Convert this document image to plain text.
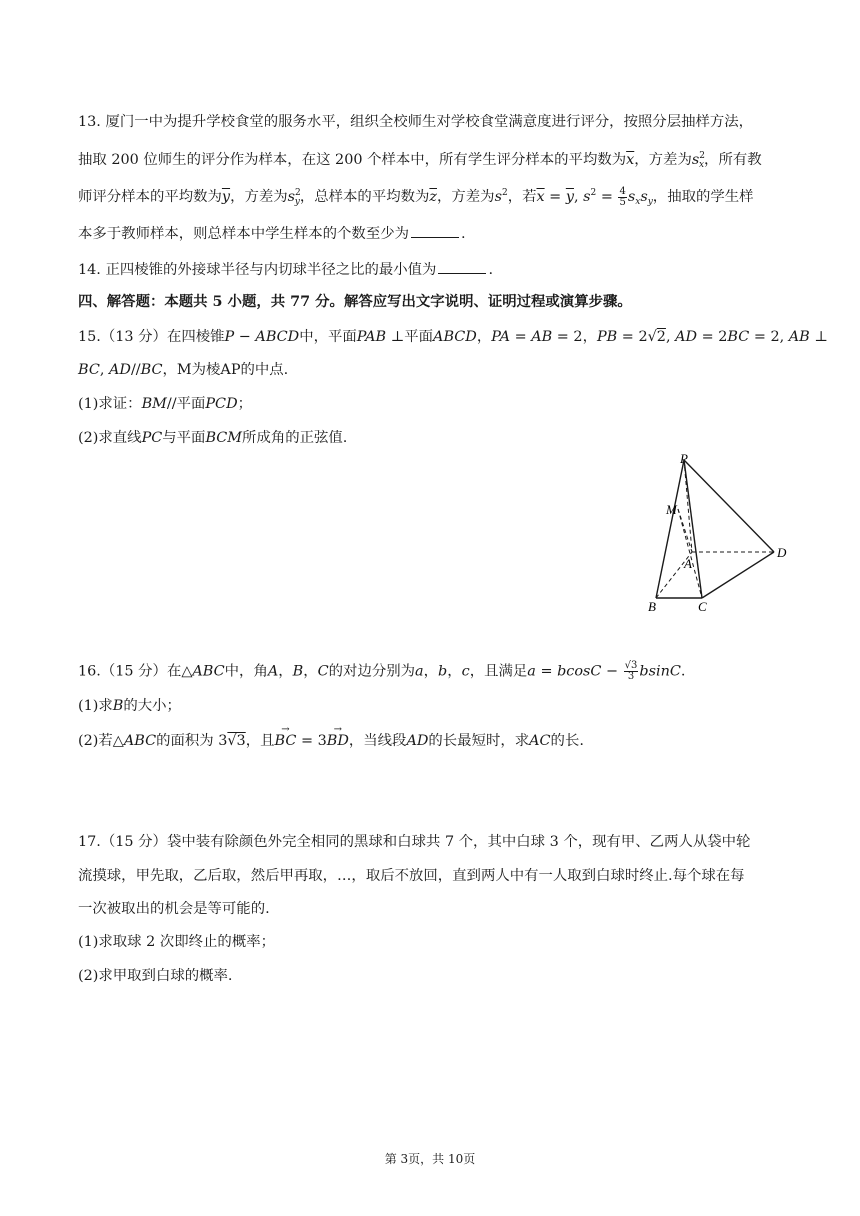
13. 厦门一中为提升学校食堂的服务水平，组织全校师生对学校食堂满意度进行评分，按照分层抽样方法，
抽取 200 位师生的评分作为样本，在这 200 个样本中，所有学生评分样本的平均数为$\overline{x}$，方差为$s^2_x$，所有教
师评分样本的平均数为$\overline{y}$，方差为$s^2_y$，总样本的平均数为$\overline{z}$，方差为$s^2$，若$\overline{x} = \overline{y}$, $s^2 = \frac{4}{5} s_xs_y$，抽取的学生样
本多于教师样本，则总样本中学生样本的个数至少为	.
14. 正四棱锥的外接球半径与内切球半径之比的最小值为	.
四、解答题：本题共 5 小题，共 77 分。解答应写出文字说明、证明过程或演算步骤。
15.（13 分）在四棱锥P − ABCD中，平面PAB ⊥平面ABCD，PA = AB = 2，PB = 2√2, AD = 2BC = 2, AB ⊥
BC, AD//BC，M为棱AP的中点.
(1)求证：BM//平面PCD；
(2)求直线PC与平面BCM所成角的正弦值.
P
M
A
D
B	C
16.（15 分）在△ABC中，角A，B，C的对边分别为a，b，c，且满足$a = bcosC - \frac{√3}{3} bsinC$.
(1)求B的大小；
(2)若△ABC的面积为 3√3，且→ BC = 3→ BD，当线段AD的长最短时，求AC的长.
17.（15 分）袋中装有除颜色外完全相同的黑球和白球共 7 个，其中白球 3 个，现有甲、乙两人从袋中轮
流摸球，甲先取，乙后取，然后甲再取，…，取后不放回，直到两人中有一人取到白球时终止.每个球在每
一次被取出的机会是等可能的.
(1)求取球 2 次即终止的概率；
(2)求甲取到白球的概率.
第 3页，共 10页
